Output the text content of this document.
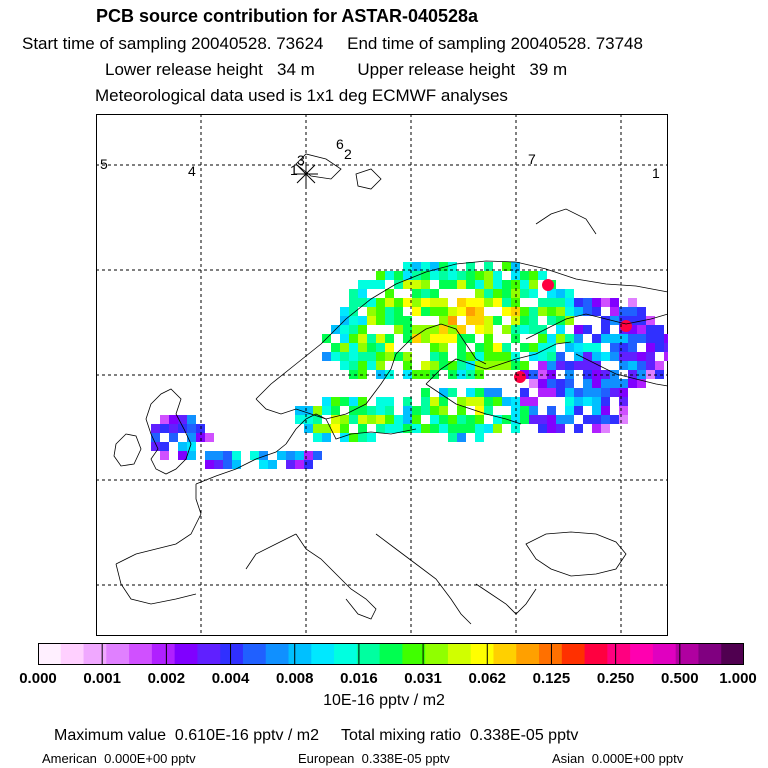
PCB source contribution for ASTAR-040528a
Start time of sampling 20040528. 73624 End time of sampling 20040528. 73748
Lower release height 34 m	Upper release height 39 m
Meteorological data used is 1x1 deg ECMWF analyses
5	4	1
3
6
2	7
1
0.000	0.001	0.002	0.004	0.008	0.016	0.031	0.062	0.125	0.250	0.500	1.000
10E-16 pptv / m2
Maximum value 0.610E-16 pptv / m2 Total mixing ratio 0.338E-05 pptv
American 0.000E+00 pptv	European 0.338E-05 pptv	Asian 0.000E+00 pptv
